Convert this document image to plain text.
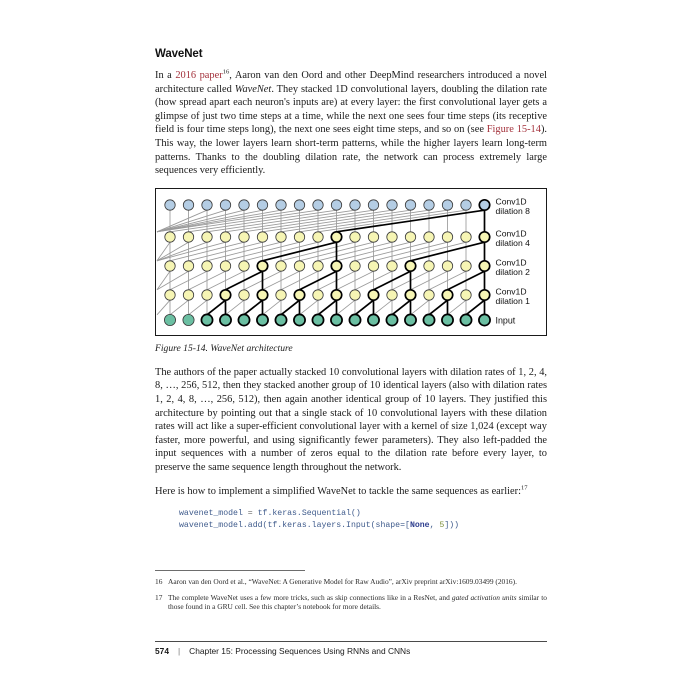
WaveNet

In a 2016 paper$^{16}$, Aaron van den Oord and other DeepMind researchers introduced a novel architecture called WaveNet. They stacked 1D convolutional layers, doubling the dilation rate (how spread apart each neuron's inputs are) at every layer: the first convolutional layer gets a glimpse of just two time steps at a time, while the next one sees four time steps (its receptive field is four time steps long), the next one sees eight time steps, and so on (see Figure 15-14). This way, the lower layers learn short-term patterns, while the higher layers learn long-term patterns. Thanks to the doubling dilation rate, the network can process extremely large sequences very efficiently.

Conv1D
dilation 8
Conv1D
dilation 4
Conv1D
dilation 2
Conv1D
dilation 1
Input

Figure 15-14. WaveNet architecture

The authors of the paper actually stacked 10 convolutional layers with dilation rates of 1, 2, 4, 8, …, 256, 512, then they stacked another group of 10 identical layers (also with dilation rates 1, 2, 4, 8, …, 256, 512), then again another identical group of 10 layers. They justified this architecture by pointing out that a single stack of 10 convolutional layers with these dilation rates will act like a super-efficient convolutional layer with a kernel of size 1,024 (except way faster, more powerful, and using significantly fewer parameters). They also left-padded the input sequences with a number of zeros equal to the dilation rate before every layer, to preserve the same sequence length throughout the network.

Here is how to implement a simplified WaveNet to tackle the same sequences as earlier:$^{17}$

wavenet_model = tf.keras.Sequential()
wavenet_model.add(tf.keras.layers.Input(shape=[None, 5]))
16 Aaron van den Oord et al., “WaveNet: A Generative Model for Raw Audio”, arXiv preprint arXiv:1609.03499 (2016).
17 The complete WaveNet uses a few more tricks, such as skip connections like in a ResNet, and gated activation units similar to those found in a GRU cell. See this chapter’s notebook for more details.
574 | Chapter 15: Processing Sequences Using RNNs and CNNs
